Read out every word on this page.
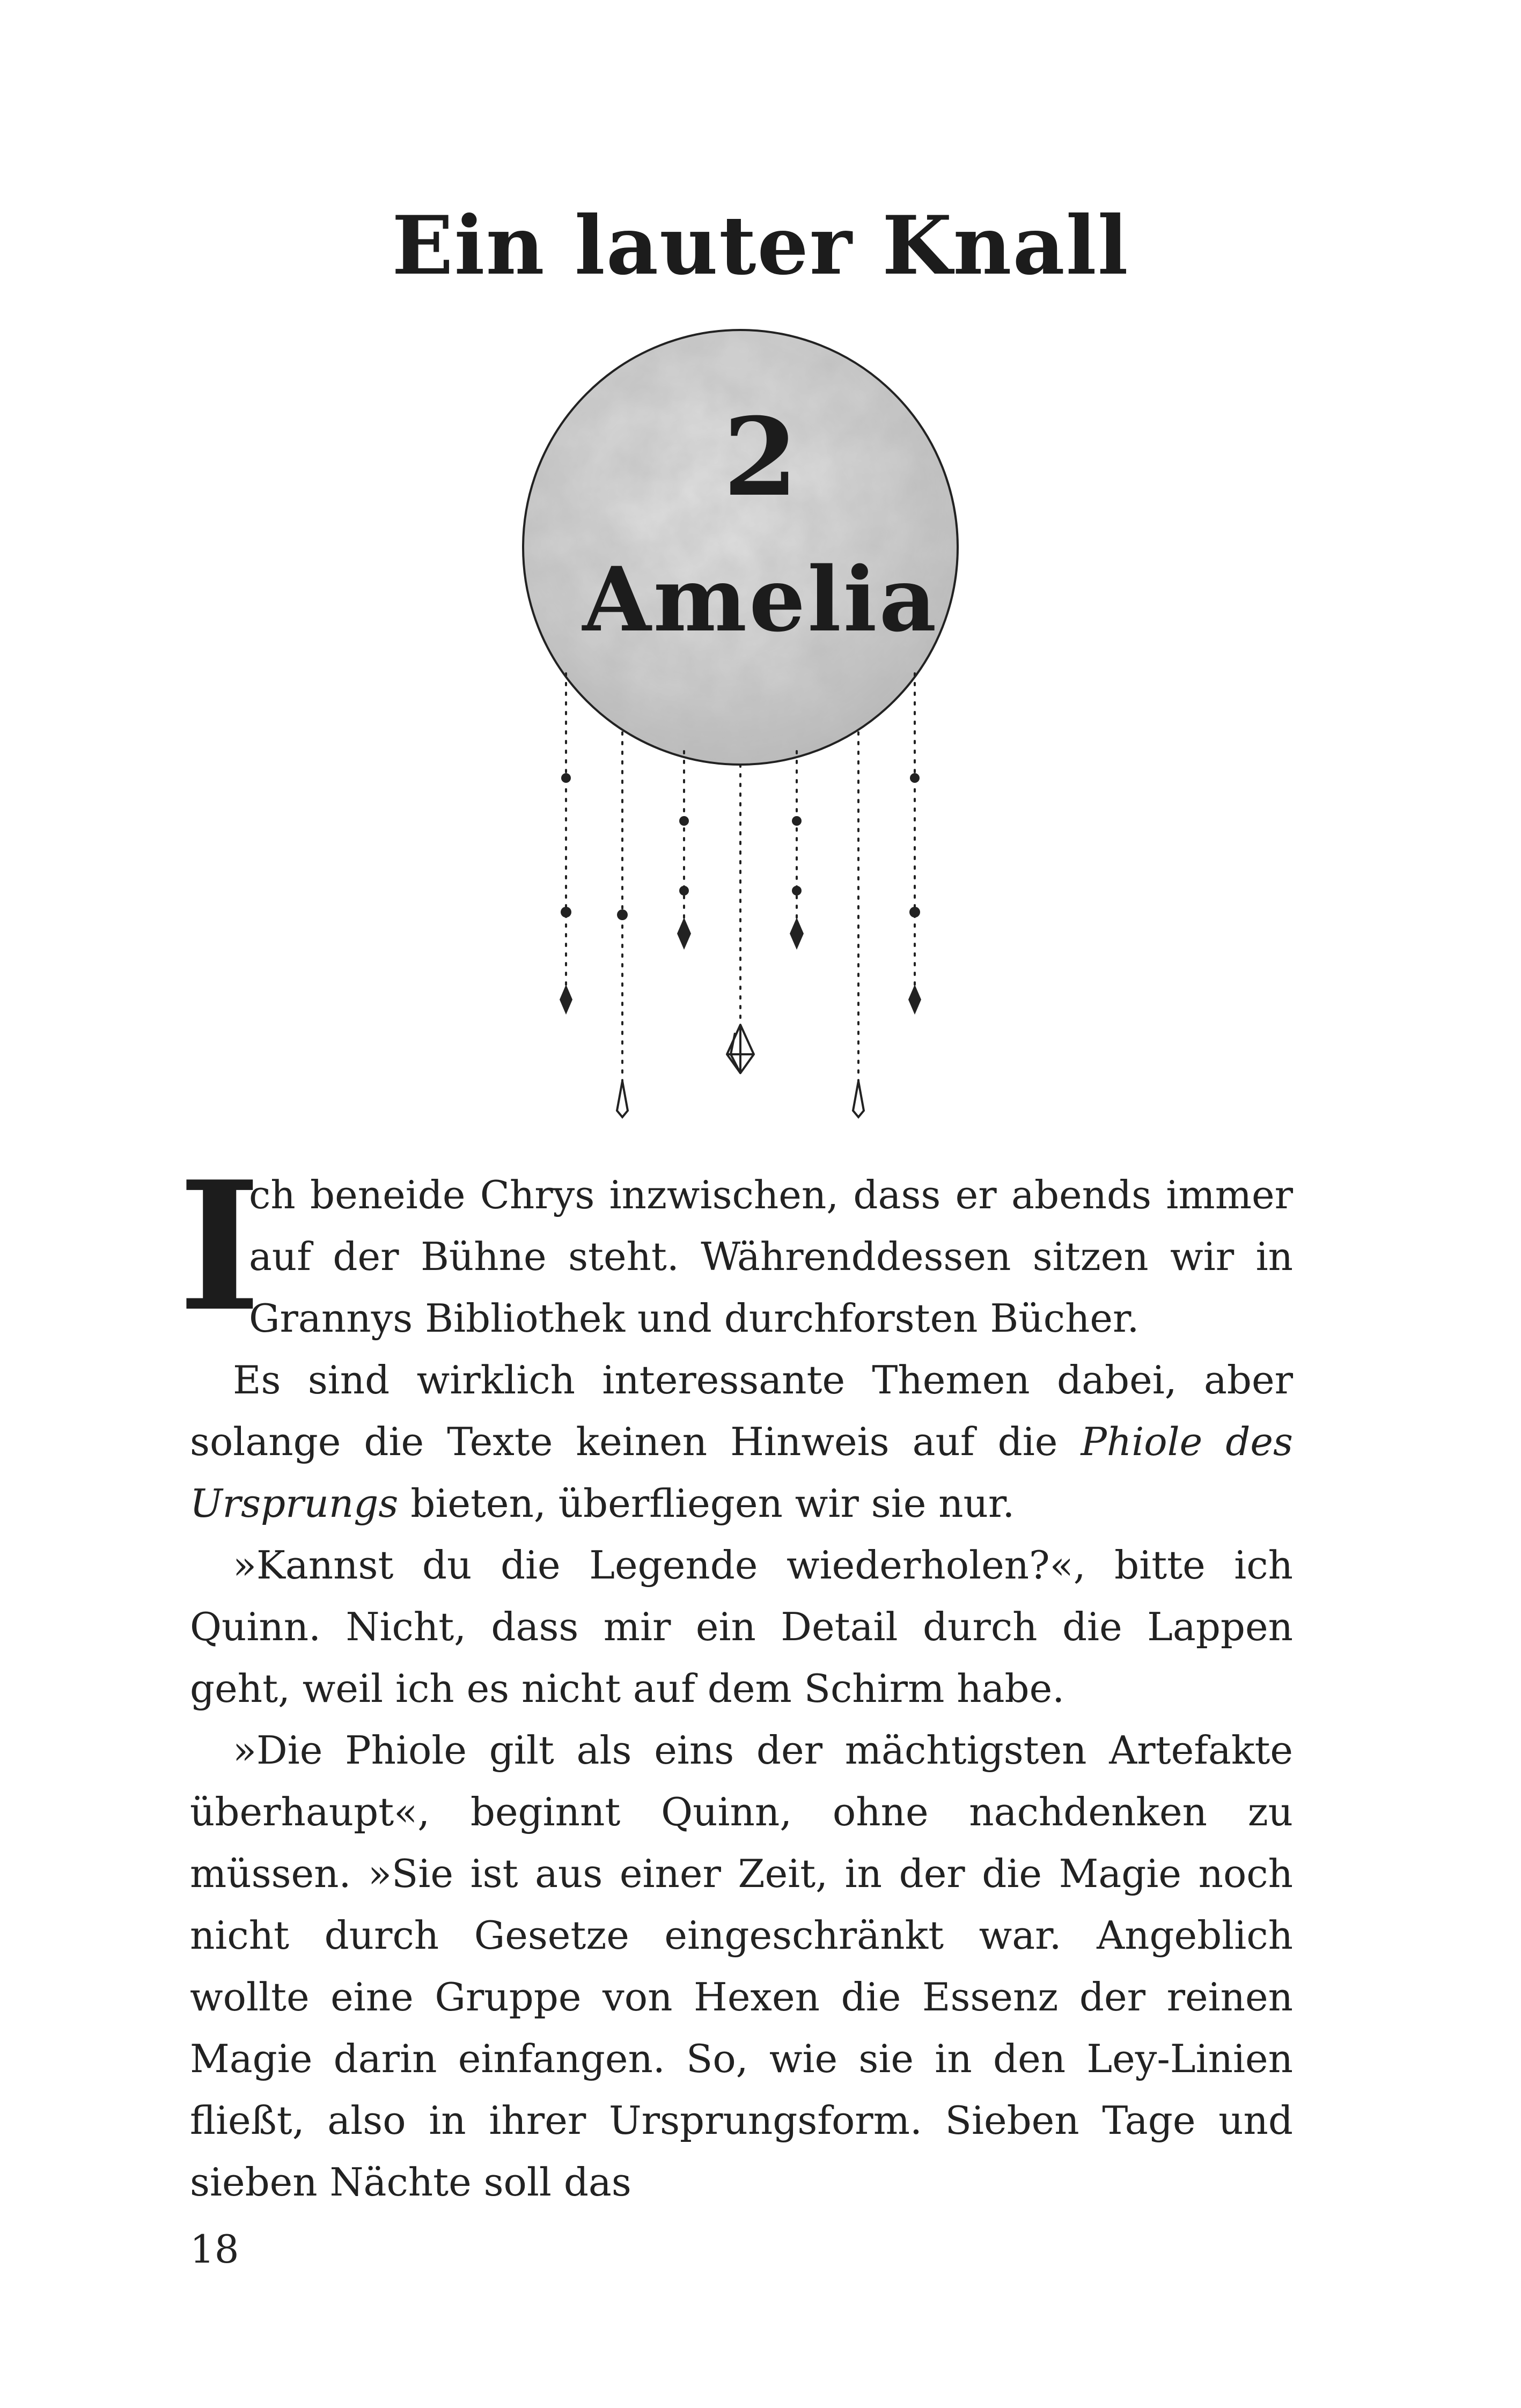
Ein lauter Knall
2
Amelia

I
ch beneide Chrys inzwischen, dass er abends immer auf der Bühne steht. Währenddessen sitzen wir in Grannys Bibliothek und durchforsten Bücher.

Es sind wirklich interessante Themen dabei, aber solange die Texte keinen Hinweis auf die Phiole des Ursprungs bieten, überfliegen wir sie nur.

»Kannst du die Legende wiederholen?«, bitte ich Quinn. Nicht, dass mir ein Detail durch die Lappen geht, weil ich es nicht auf dem Schirm habe.

»Die Phiole gilt als eins der mächtigsten Artefakte überhaupt«, beginnt Quinn, ohne nachdenken zu müssen. »Sie ist aus einer Zeit, in der die Magie noch nicht durch Gesetze eingeschränkt war. Angeblich wollte eine Gruppe von Hexen die Essenz der reinen Magie darin einfangen. So, wie sie in den Ley-Linien fließt, also in ihrer Ursprungsform. Sieben Tage und sieben Nächte soll das

18
